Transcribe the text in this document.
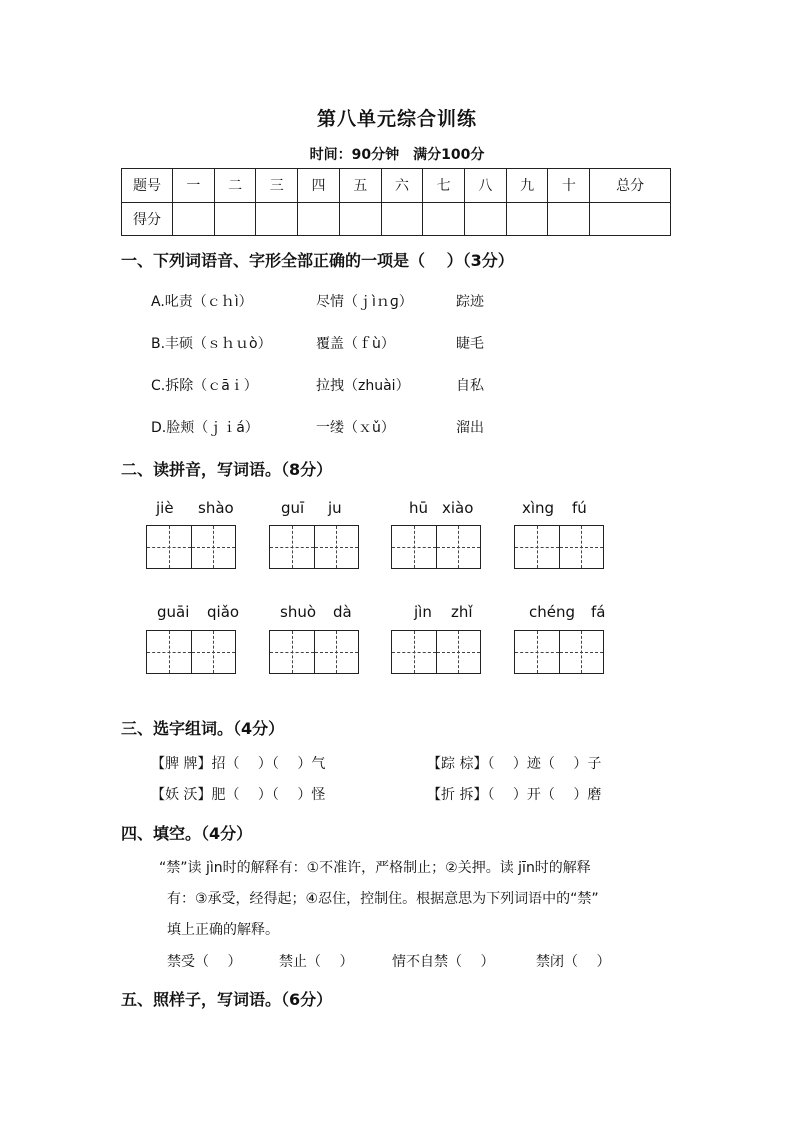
第八单元综合训练
时间：90分钟　满分100分
题号	一	二	三	四	五	六	七	八	九	十	总分
得分											
一、下列词语音、字形全部正确的一项是（　 ）（3分）
A.叱责（ｃｈì）	尽情（ｊìｎɡ）	踪迹
B.丰硕（ｓｈｕò）	覆盖（ｆù）	睫毛
C.拆除（ｃāｉ）	拉拽（zhuài）	自私
D.脸颊（ｊｉá）	一缕（ｘǔ）	溜出
二、读拼音，写词语。（8分）
jiè shào	guī ju	hū xiào	xìng fú
guāi qiǎo	shuò dà	jìn zhǐ	chéng fá
三、选字组词。（4分）
【脾 牌】招（　 ）（　 ）气	【踪 棕】（　 ）迹（　 ）子
【妖 沃】肥（　 ）（　 ）怪	【折 拆】（　 ）开（　 ）磨
四、填空。（4分）
“禁”读 jìn时的解释有：①不准许，严格制止；②关押。读 jīn时的解释
有：③承受，经得起；④忍住，控制住。根据意思为下列词语中的“禁”
填上正确的解释。
禁受（　 ）	禁止（　 ）	情不自禁（　 ）	禁闭（　 ）
五、照样子，写词语。（6分）
